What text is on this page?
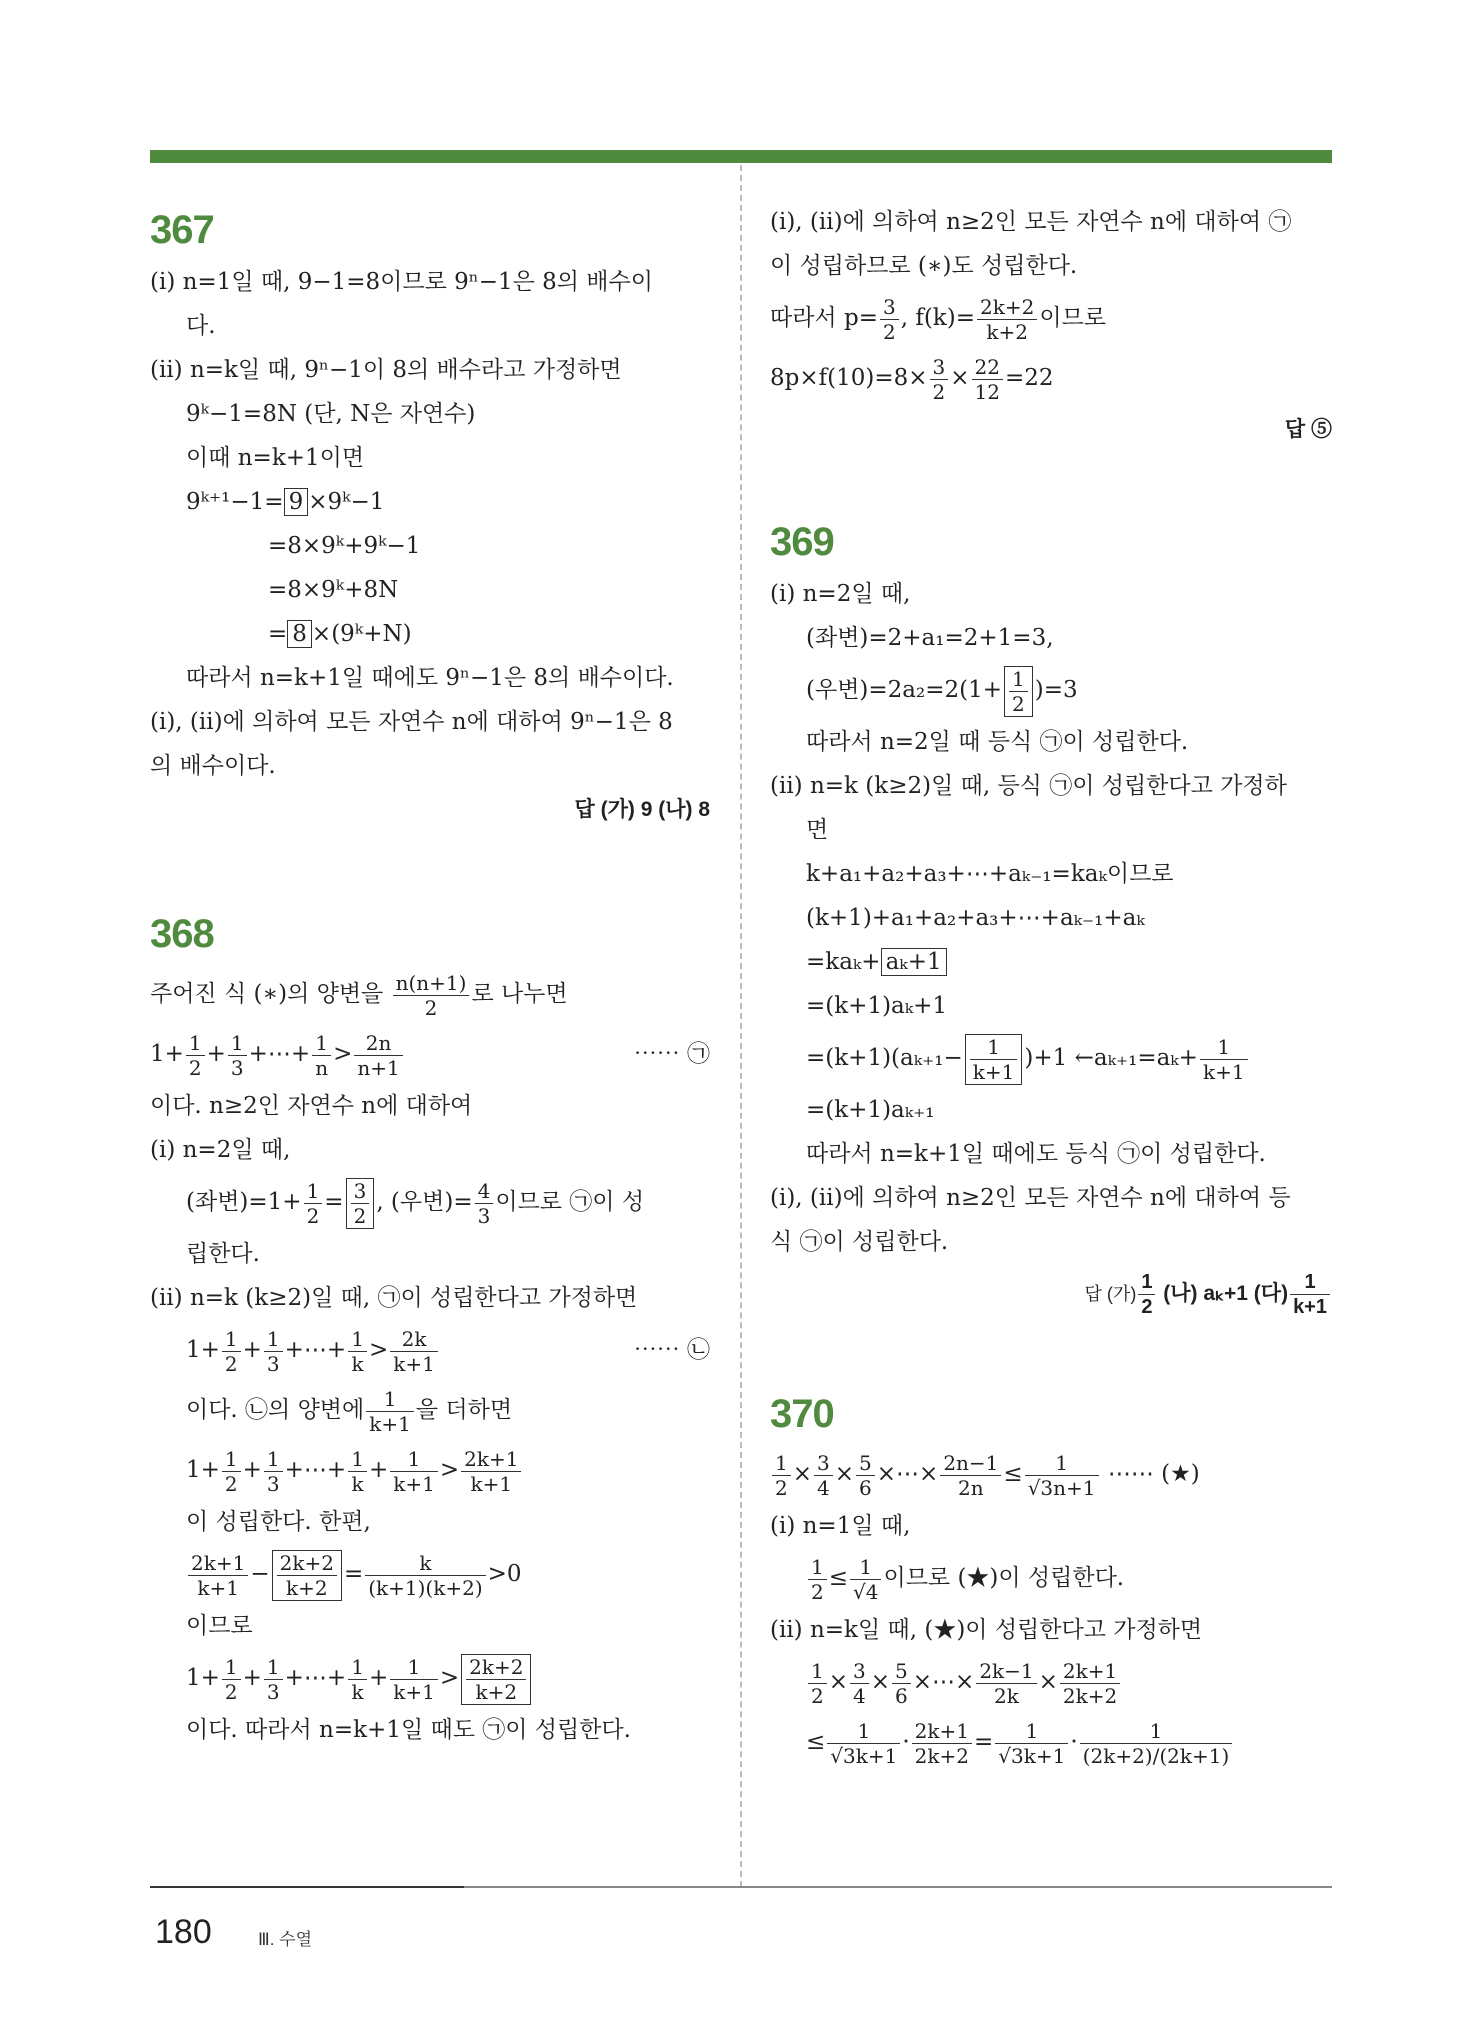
367
(ⅰ) n=1일 때, 9−1=8이므로 9ⁿ−1은 8의 배수이
다.
(ⅱ) n=k일 때, 9ⁿ−1이 8의 배수라고 가정하면
9ᵏ−1=8N (단, N은 자연수)
이때 n=k+1이면
9ᵏ⁺¹−1= 9 ×9ᵏ−1
=8×9ᵏ+9ᵏ−1
=8×9ᵏ+8N
= 8 ×(9ᵏ+N)
따라서 n=k+1일 때에도 9ⁿ−1은 8의 배수이다.
(ⅰ), (ⅱ)에 의하여 모든 자연수 n에 대하여 9ⁿ−1은 8
의 배수이다.
답 (가) 9 (나) 8
368
주어진 식 (∗)의 양변을 $\frac{n(n+1)}{2}$ 로 나누면
$1+ \frac{1}{2} + \frac{1}{3}$ +⋯+ $\frac{1}{n} > \frac{2n}{n+1}$	⋯⋯ ㉠
이다. n≥2인 자연수 n에 대하여
(ⅰ) n=2일 때,
(좌변)$=1+ \frac{1}{2} = \frac{3}{2}$ , (우변)= $\frac{4}{3}$ 이므로 ㉠이 성
립한다.
(ⅱ) n=k (k≥2)일 때, ㉠이 성립한다고 가정하면
$1+ \frac{1}{2} + \frac{1}{3}$ +⋯+ $\frac{1}{k} > \frac{2k}{k+1}$	⋯⋯ ㉡
이다. ㉡의 양변에 $\frac{1}{k+1}$ 을 더하면
$1+ \frac{1}{2} + \frac{1}{3}$ +⋯+ $\frac{1}{k} + \frac{1}{k+1} > \frac{2k+1}{k+1}$
이 성립한다. 한편,
$\frac{2k+1}{k+1} - \frac{2k+2}{k+2} = \frac{k}{(k+1)(k+2)} >0$
이므로
$1+ \frac{1}{2} + \frac{1}{3}$ +⋯+ $\frac{1}{k} + \frac{1}{k+1} > \frac{2k+2}{k+2}$
이다. 따라서 n=k+1일 때도 ㉠이 성립한다.
(ⅰ), (ⅱ)에 의하여 n≥2인 모든 자연수 n에 대하여 ㉠
이 성립하므로 (∗)도 성립한다.
따라서 $p= \frac{3}{2}$ , $f(k)= \frac{2k+2}{k+2}$ 이므로
$8p\times f(10)=8\times \frac{3}{2} \times \frac{22}{12} =22$
답 ⑤
369
(ⅰ) n=2일 때,
(좌변)=2+a₁=2+1=3,
(우변)$=2a_2=2(1+ \frac{1}{2} )=3$
따라서 n=2일 때 등식 ㉠이 성립한다.
(ⅱ) n=k (k≥2)일 때, 등식 ㉠이 성립한다고 가정하
면
k+a₁+a₂+a₃+⋯+aₖ₋₁=kaₖ이므로
(k+1)+a₁+a₂+a₃+⋯+aₖ₋₁+aₖ
=kaₖ+ aₖ+1
=(k+1)aₖ+1
$=(k+1)(a_{k+1}- \frac{1}{k+1} )+1$ ←aₖ₊₁=aₖ+ $\frac{1}{k+1}$
=(k+1)aₖ₊₁
따라서 n=k+1일 때에도 등식 ㉠이 성립한다.
(ⅰ), (ⅱ)에 의하여 n≥2인 모든 자연수 n에 대하여 등
식 ㉠이 성립한다.
답 (가) $\frac{1}{2}$ (나) aₖ+1 (다) $\frac{1}{k+1}$
370
$\frac{1}{2} \times \frac{3}{4} \times \frac{5}{6}$ ×⋯× $\frac{2n-1}{2n} \le \frac{1}{√3n+1}$ ⋯⋯ (★)
(ⅰ) n=1일 때,
$\frac{1}{2} \le \frac{1}{√4}$ 이므로 (★)이 성립한다.
(ⅱ) n=k일 때, (★)이 성립한다고 가정하면
$\frac{1}{2} \times \frac{3}{4} \times \frac{5}{6}$ ×⋯× $\frac{2k-1}{2k} \times \frac{2k+1}{2k+2}$
≤ $\frac{1}{√3k+1} \cdot \frac{2k+1}{2k+2} = \frac{1}{√3k+1} \cdot \frac{1}{(2k+2)/(2k+1)}$
180	Ⅲ. 수열
